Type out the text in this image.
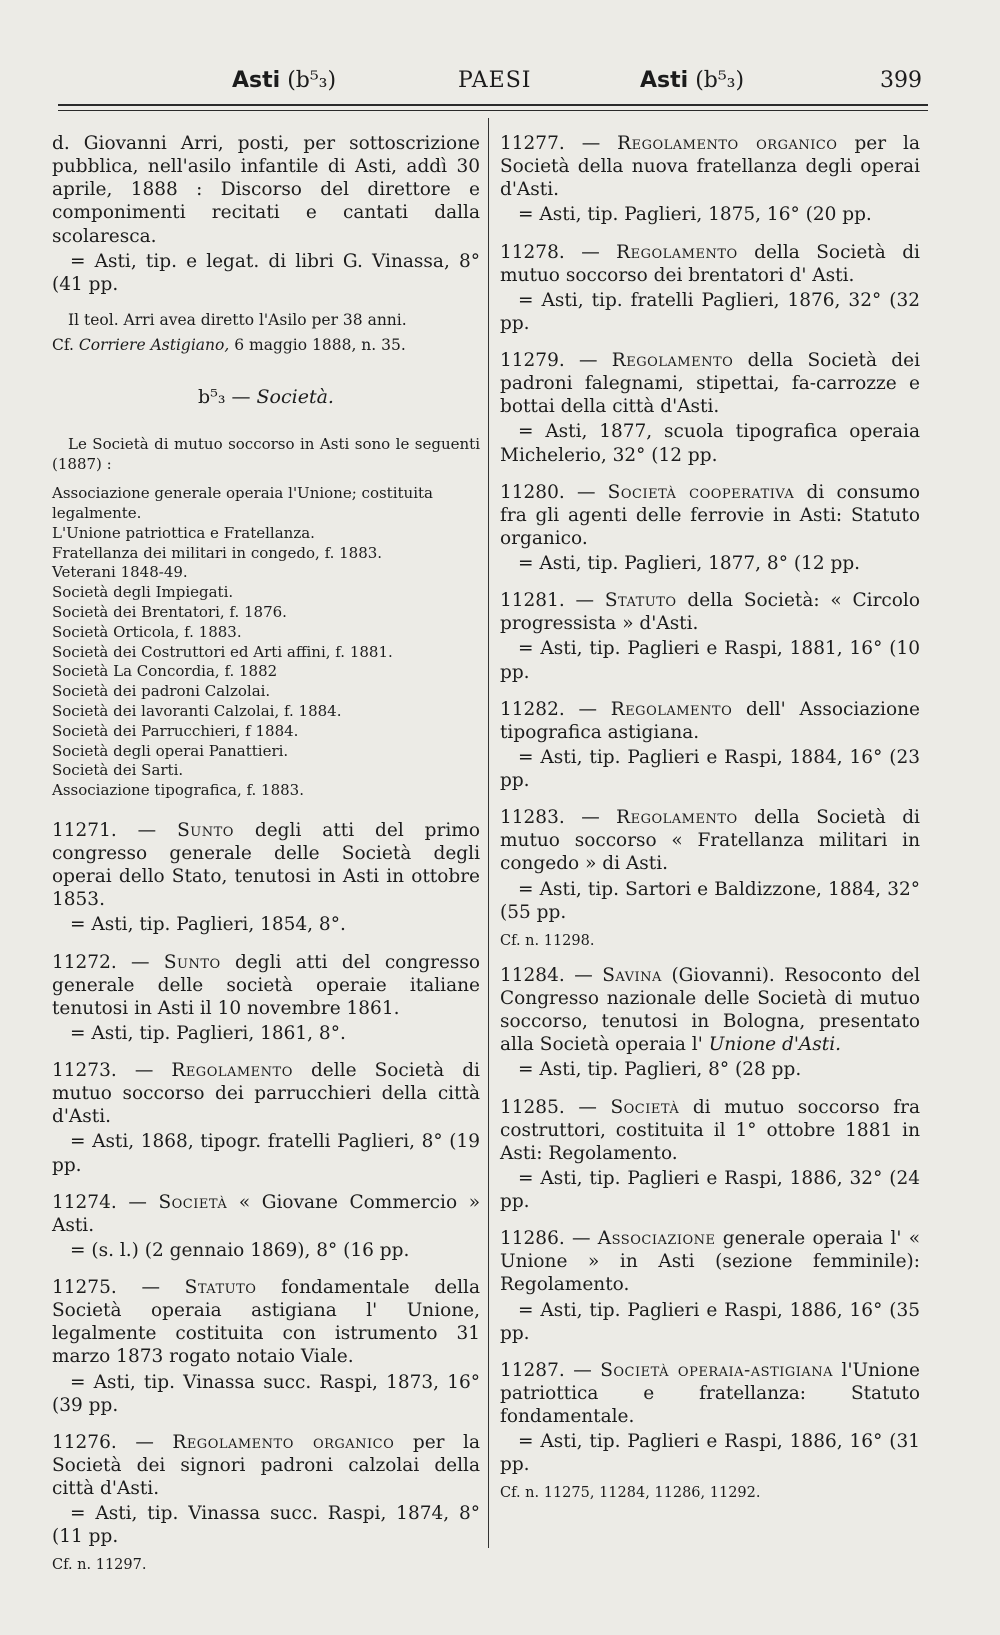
Asti (b⁵₃)	PAESI	Asti (b⁵₃)	399

d. Giovanni Arri, posti, per sottoscrizione pubblica, nell'asilo infantile di Asti, addì 30 aprile, 1888 : Discorso del direttore e componimenti recitati e cantati dalla scolaresca.

= Asti, tip. e legat. di libri G. Vinassa, 8° (41 pp.

Il teol. Arri avea diretto l'Asilo per 38 anni.

Cf. Corriere Astigiano, 6 maggio 1888, n. 35.

b⁵₃ — Società.

Le Società di mutuo soccorso in Asti sono le seguenti (1887) :

Associazione generale operaia l'Unione; costituita legalmente.
L'Unione patriottica e Fratellanza.
Fratellanza dei militari in congedo, f. 1883.
Veterani 1848-49.
Società degli Impiegati.
Società dei Brentatori, f. 1876.
Società Orticola, f. 1883.
Società dei Costruttori ed Arti affini, f. 1881.
Società La Concordia, f. 1882
Società dei padroni Calzolai.
Società dei lavoranti Calzolai, f. 1884.
Società dei Parrucchieri, f 1884.
Società degli operai Panattieri.
Società dei Sarti.
Associazione tipografica, f. 1883.

11271. — Sunto degli atti del primo congresso generale delle Società degli operai dello Stato, tenutosi in Asti in ottobre 1853.

= Asti, tip. Paglieri, 1854, 8°.

11272. — Sunto degli atti del congresso generale delle società operaie italiane tenutosi in Asti il 10 novembre 1861.

= Asti, tip. Paglieri, 1861, 8°.

11273. — Regolamento delle Società di mutuo soccorso dei parrucchieri della città d'Asti.

= Asti, 1868, tipogr. fratelli Paglieri, 8° (19 pp.

11274. — Società « Giovane Commercio » Asti.

= (s. l.) (2 gennaio 1869), 8° (16 pp.

11275. — Statuto fondamentale della Società operaia astigiana l' Unione, legalmente costituita con istrumento 31 marzo 1873 rogato notaio Viale.

= Asti, tip. Vinassa succ. Raspi, 1873, 16° (39 pp.

11276. — Regolamento organico per la Società dei signori padroni calzolai della città d'Asti.

= Asti, tip. Vinassa succ. Raspi, 1874, 8° (11 pp.

Cf. n. 11297.

11277. — Regolamento organico per la Società della nuova fratellanza degli operai d'Asti.

= Asti, tip. Paglieri, 1875, 16° (20 pp.

11278. — Regolamento della Società di mutuo soccorso dei brentatori d' Asti.

= Asti, tip. fratelli Paglieri, 1876, 32° (32 pp.

11279. — Regolamento della Società dei padroni falegnami, stipettai, fa-carrozze e bottai della città d'Asti.

= Asti, 1877, scuola tipografica operaia Michelerio, 32° (12 pp.

11280. — Società cooperativa di consumo fra gli agenti delle ferrovie in Asti: Statuto organico.

= Asti, tip. Paglieri, 1877, 8° (12 pp.

11281. — Statuto della Società: « Circolo progressista » d'Asti.

= Asti, tip. Paglieri e Raspi, 1881, 16° (10 pp.

11282. — Regolamento dell' Associazione tipografica astigiana.

= Asti, tip. Paglieri e Raspi, 1884, 16° (23 pp.

11283. — Regolamento della Società di mutuo soccorso « Fratellanza militari in congedo » di Asti.

= Asti, tip. Sartori e Baldizzone, 1884, 32° (55 pp.

Cf. n. 11298.

11284. — Savina (Giovanni). Resoconto del Congresso nazionale delle Società di mutuo soccorso, tenutosi in Bologna, presentato alla Società operaia l' Unione d'Asti.

= Asti, tip. Paglieri, 8° (28 pp.

11285. — Società di mutuo soccorso fra costruttori, costituita il 1° ottobre 1881 in Asti: Regolamento.

= Asti, tip. Paglieri e Raspi, 1886, 32° (24 pp.

11286. — Associazione generale operaia l' « Unione » in Asti (sezione femminile): Regolamento.

= Asti, tip. Paglieri e Raspi, 1886, 16° (35 pp.

11287. — Società operaia-astigiana l'Unione patriottica e fratellanza: Statuto fondamentale.

= Asti, tip. Paglieri e Raspi, 1886, 16° (31 pp.

Cf. n. 11275, 11284, 11286, 11292.
